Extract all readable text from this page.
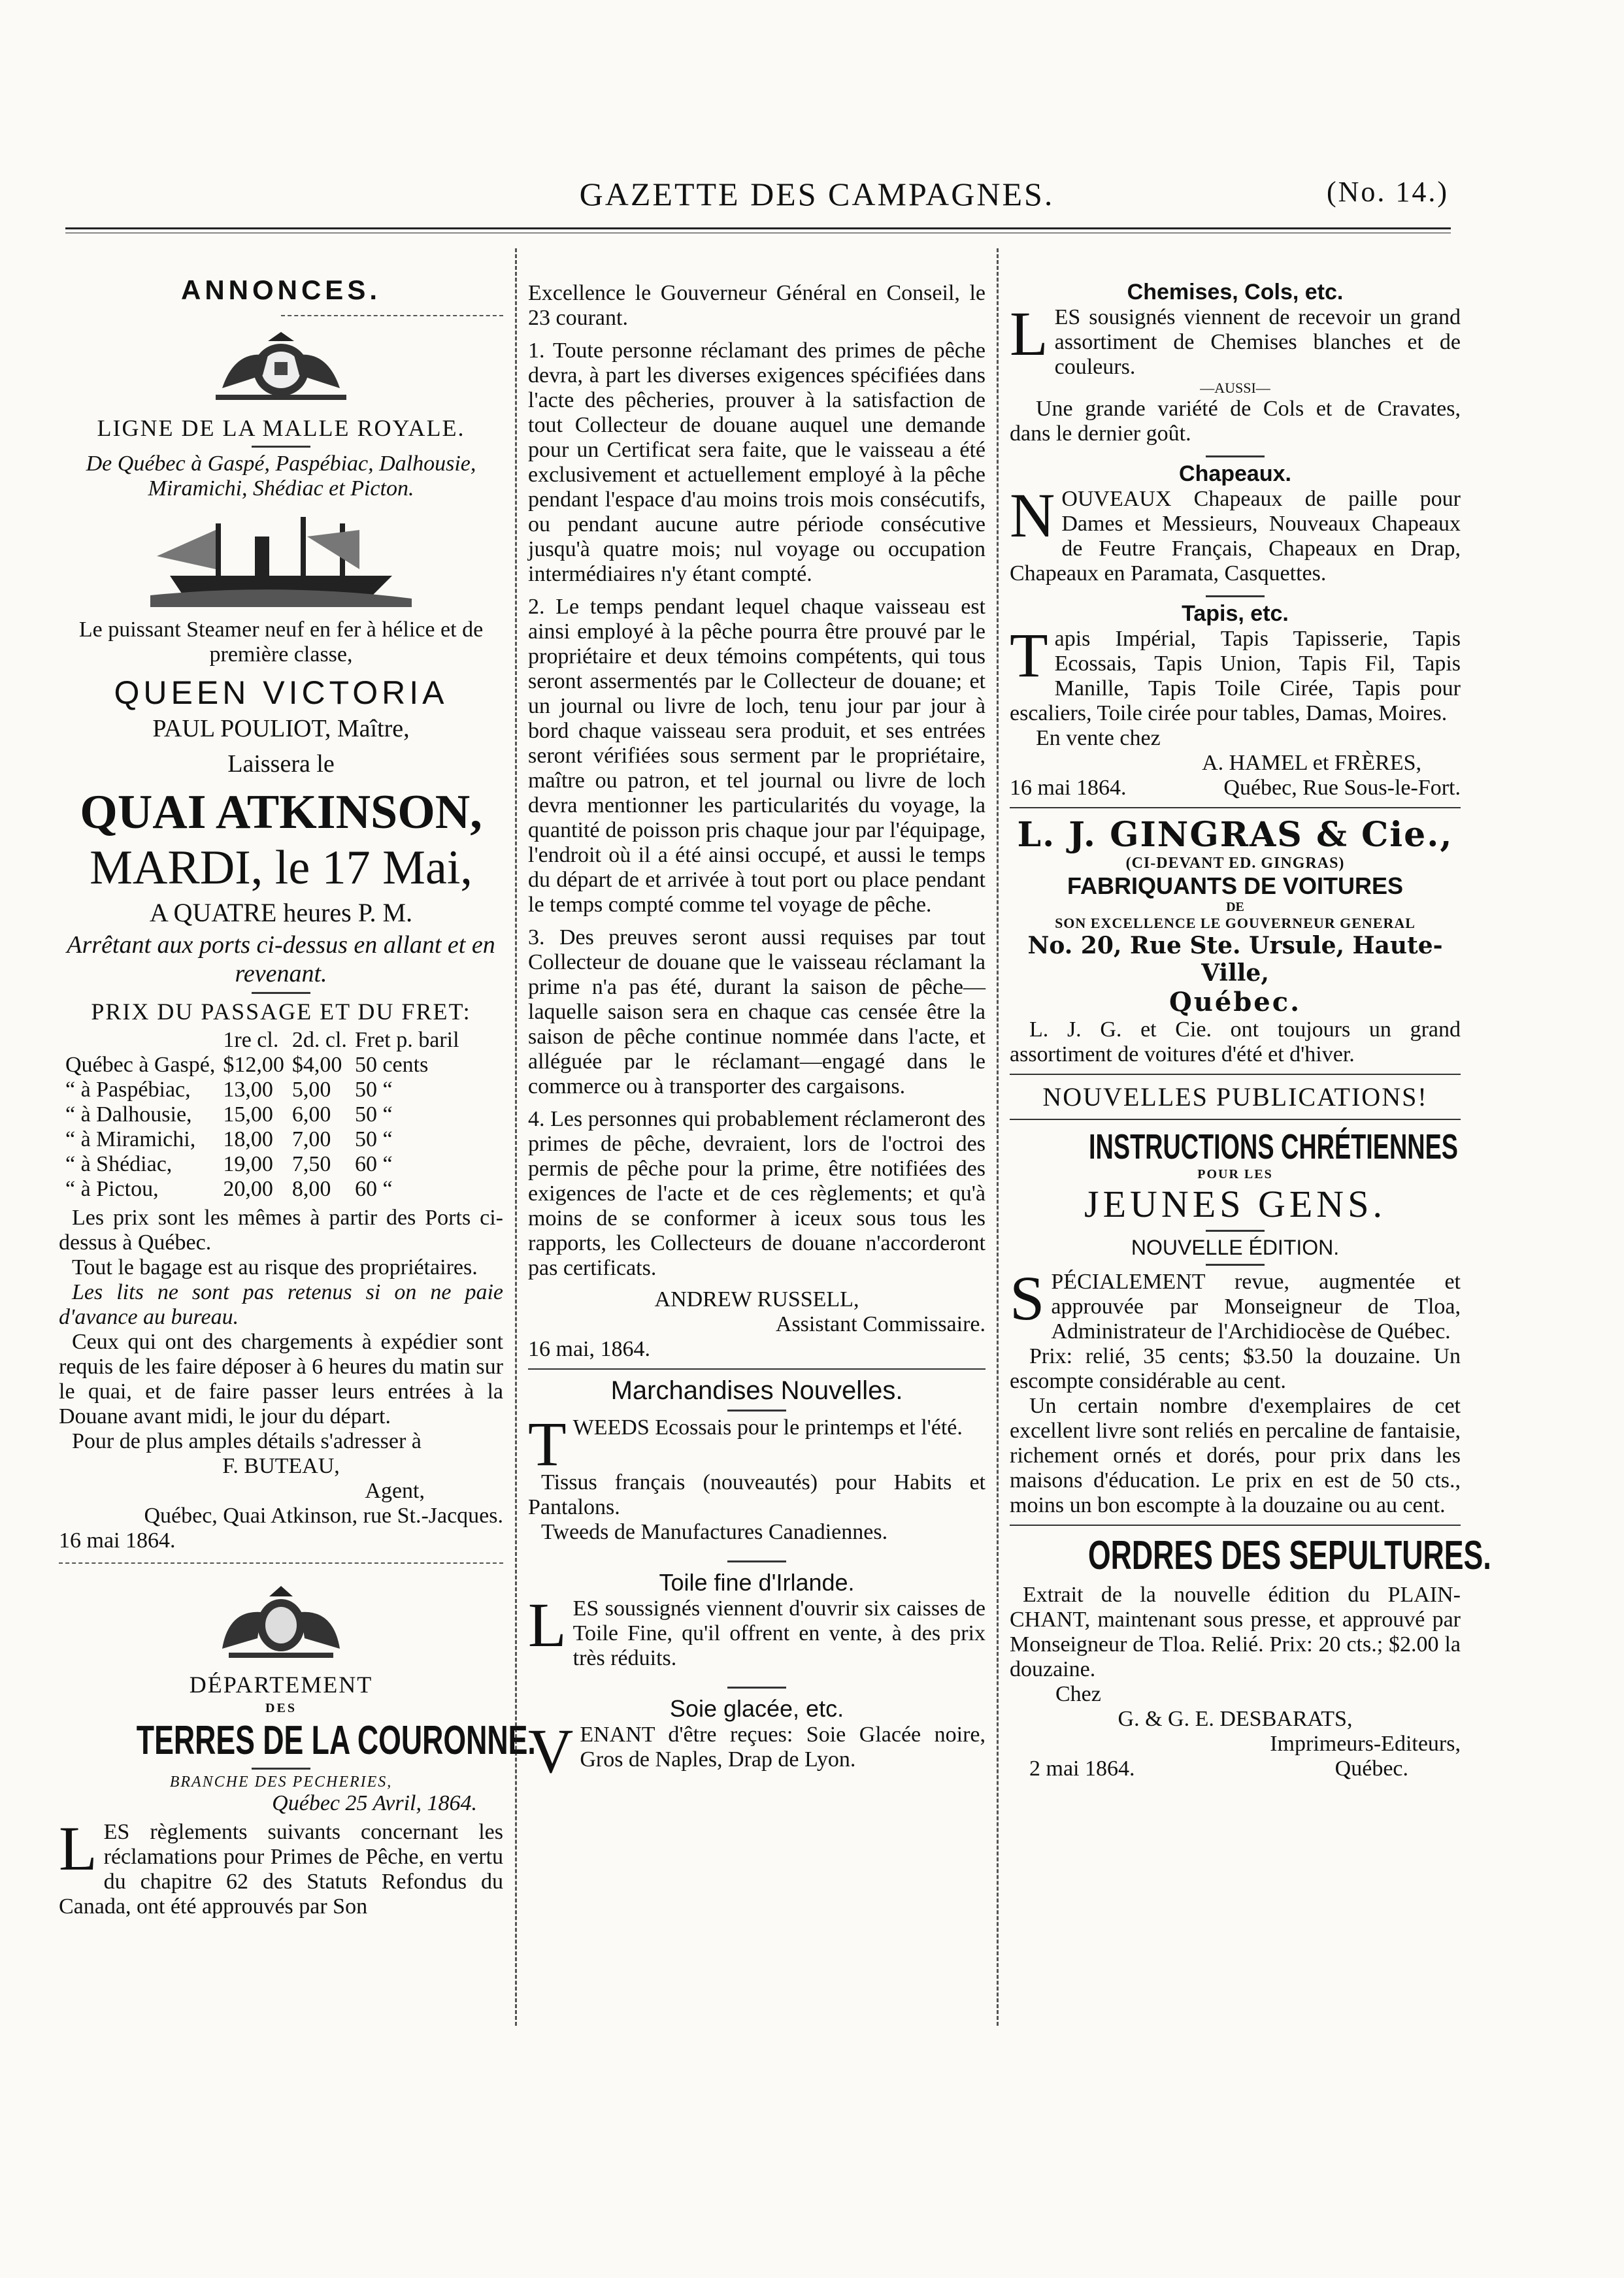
GAZETTE DES CAMPAGNES.	(No. 14.)
ANNONCES.
LIGNE DE LA MALLE ROYALE.
De Québec à Gaspé, Paspébiac, Dalhousie, Miramichi, Shédiac et Picton.
Le puissant Steamer neuf en fer à hélice et de première classe,
QUEEN VICTORIA
PAUL POULIOT, Maître,
Laissera le
QUAI ATKINSON,
MARDI, le 17 Mai,
A QUATRE heures P. M.
Arrêtant aux ports ci-dessus en allant et en revenant.
PRIX DU PASSAGE ET DU FRET:
	1re cl.	2d. cl.	Fret p. baril
Québec à Gaspé,	$12,00	$4,00	50 cents
“ à Paspébiac,	13,00	5,00	50 “
“ à Dalhousie,	15,00	6,00	50 “
“ à Miramichi,	18,00	7,00	50 “
“ à Shédiac,	19,00	7,50	60 “
“ à Pictou,	20,00	8,00	60 “

Les prix sont les mêmes à partir des Ports ci-dessus à Québec.

Tout le bagage est au risque des propriétaires.

Les lits ne sont pas retenus si on ne paie d'avance au bureau.

Ceux qui ont des chargements à expédier sont requis de les faire déposer à 6 heures du matin sur le quai, et de faire passer leurs entrées à la Douane avant midi, le jour du départ.

Pour de plus amples détails s'adresser à

F. BUTEAU,
Agent,
Québec, Quai Atkinson, rue St.-Jacques.
16 mai 1864.
DÉPARTEMENT
DES
TERRES DE LA COURONNE.
BRANCHE DES PECHERIES,
Québec 25 Avril, 1864.
L ES règlements suivants concernant les réclamations pour Primes de Pêche, en vertu du chapitre 62 des Statuts Refondus du Canada, ont été approuvés par Son

Excellence le Gouverneur Général en Conseil, le 23 courant.

1. Toute personne réclamant des primes de pêche devra, à part les diverses exigences spécifiées dans l'acte des pêcheries, prouver à la satisfaction de tout Collecteur de douane auquel une demande pour un Certificat sera faite, que le vaisseau a été exclusivement et actuellement employé à la pêche pendant l'espace d'au moins trois mois consécutifs, ou pendant aucune autre période consécutive jusqu'à quatre mois; nul voyage ou occupation intermédiaires n'y étant compté.

2. Le temps pendant lequel chaque vaisseau est ainsi employé à la pêche pourra être prouvé par le propriétaire et deux témoins compétents, qui tous seront assermentés par le Collecteur de douane; et un journal ou livre de loch, tenu jour par jour à bord chaque vaisseau sera produit, et ses entrées seront vérifiées sous serment par le propriétaire, maître ou patron, et tel journal ou livre de loch devra mentionner les particularités du voyage, la quantité de poisson pris chaque jour par l'équipage, l'endroit où il a été ainsi occupé, et aussi le temps du départ de et arrivée à tout port ou place pendant le temps compté comme tel voyage de pêche.

3. Des preuves seront aussi requises par tout Collecteur de douane que le vaisseau réclamant la prime n'a pas été, durant la saison de pêche—laquelle saison sera en chaque cas censée être la saison de pêche continue nommée dans l'acte, et alléguée par le réclamant—engagé dans le commerce ou à transporter des cargaisons.

4. Les personnes qui probablement réclameront des primes de pêche, devraient, lors de l'octroi des permis de pêche pour la prime, être notifiées des exigences de l'acte et de ces règlements; et qu'à moins de se conformer à iceux sous tous les rapports, les Collecteurs de douane n'accorderont pas certificats.

ANDREW RUSSELL,
Assistant Commissaire.
16 mai, 1864.
Marchandises Nouvelles.
T WEEDS Ecossais pour le printemps et l'été.

Tissus français (nouveautés) pour Habits et Pantalons.

Tweeds de Manufactures Canadiennes.

Toile fine d'Irlande.
L ES soussignés viennent d'ouvrir six caisses de Toile Fine, qu'il offrent en vente, à des prix très réduits.

Soie glacée, etc.
V ENANT d'être reçues: Soie Glacée noire, Gros de Naples, Drap de Lyon.

Chemises, Cols, etc.
L ES sousignés viennent de recevoir un grand assortiment de Chemises blanches et de couleurs.

—AUSSI—

Une grande variété de Cols et de Cravates, dans le dernier goût.

Chapeaux.
N OUVEAUX Chapeaux de paille pour Dames et Messieurs, Nouveaux Chapeaux de Feutre Français, Chapeaux en Drap, Chapeaux en Paramata, Casquettes.

Tapis, etc.
T apis Impérial, Tapis Tapisserie, Tapis Ecossais, Tapis Union, Tapis Fil, Tapis Manille, Tapis Toile Cirée, Tapis pour escaliers, Toile cirée pour tables, Damas, Moires.

En vente chez
A. HAMEL et FRÈRES,
16 mai 1864.	Québec, Rue Sous-le-Fort.
L. J. GINGRAS & Cie.,
(CI-DEVANT ED. GINGRAS)
FABRIQUANTS DE VOITURES
DE
SON EXCELLENCE LE GOUVERNEUR GENERAL
No. 20, Rue Ste. Ursule, Haute-Ville,
Québec.

L. J. G. et Cie. ont toujours un grand assortiment de voitures d'été et d'hiver.

NOUVELLES PUBLICATIONS!
INSTRUCTIONS CHRÉTIENNES
POUR LES
JEUNES GENS.
NOUVELLE ÉDITION.
S PÉCIALEMENT revue, augmentée et approuvée par Monseigneur de Tloa, Administrateur de l'Archidiocèse de Québec.

Prix: relié, 35 cents; $3.50 la douzaine. Un escompte considérable au cent.

Un certain nombre d'exemplaires de cet excellent livre sont reliés en percaline de fantaisie, richement ornés et dorés, pour prix dans les maisons d'éducation. Le prix en est de 50 cts., moins un bon escompte à la douzaine ou au cent.

ORDRES DES SEPULTURES.

Extrait de la nouvelle édition du PLAIN-CHANT, maintenant sous presse, et approuvé par Monseigneur de Tloa. Relié. Prix: 20 cts.; $2.00 la douzaine.

Chez
G. & G. E. DESBARATS,
Imprimeurs-Editeurs,
2 mai 1864.	Québec.
